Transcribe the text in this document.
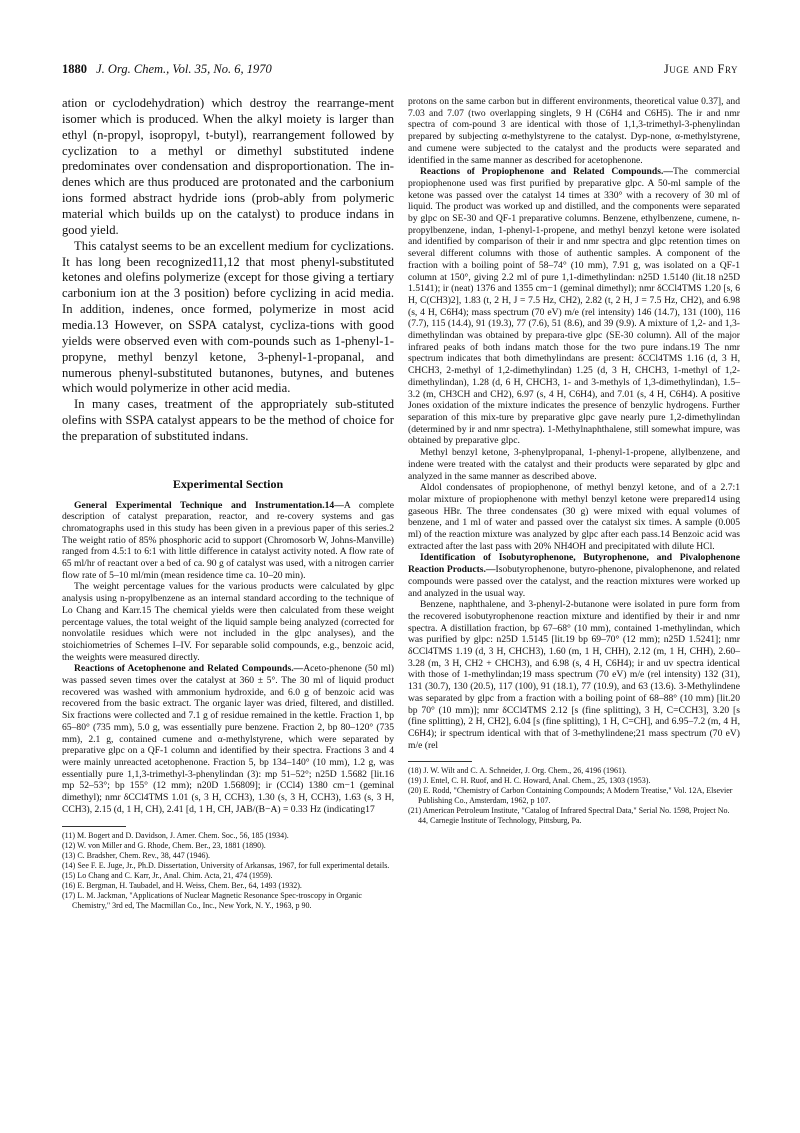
1880 J. Org. Chem., Vol. 35, No. 6, 1970	Juge and Fry

ation or cyclodehydration) which destroy the rearrange-ment isomer which is produced. When the alkyl moiety is larger than ethyl (n-propyl, isopropyl, t-butyl), rearrangement followed by cyclization to a methyl or dimethyl substituted indene predominates over condensation and disproportionation. The in-denes which are thus produced are protonated and the carbonium ions formed abstract hydride ions (prob-ably from polymeric material which builds up on the catalyst) to produce indans in good yield.

This catalyst seems to be an excellent medium for cyclizations. It has long been recognized11,12 that most phenyl-substituted ketones and olefins polymerize (except for those giving a tertiary carbonium ion at the 3 position) before cyclizing in acid media. In addition, indenes, once formed, polymerize in most acid media.13 However, on SSPA catalyst, cycliza-tions with good yields were observed even with com-pounds such as 1-phenyl-1-propyne, methyl benzyl ketone, 3-phenyl-1-propanal, and numerous phenyl-substituted butanones, butynes, and butenes which would polymerize in other acid media.

In many cases, treatment of the appropriately sub-stituted olefins with SSPA catalyst appears to be the method of choice for the preparation of substituted indans.

Experimental Section

General Experimental Technique and Instrumentation.14—A complete description of catalyst preparation, reactor, and re-covery systems and gas chromatographs used in this study has been given in a previous paper of this series.2 The weight ratio of 85% phosphoric acid to support (Chromosorb W, Johns-Manville) ranged from 4.5:1 to 6:1 with little difference in catalyst activity noted. A flow rate of 65 ml/hr of reactant over a bed of ca. 90 g of catalyst was used, with a nitrogen carrier flow rate of 5–10 ml/min (mean residence time ca. 10–20 min).

The weight percentage values for the various products were calculated by glpc analysis using n-propylbenzene as an internal standard according to the technique of Lo Chang and Karr.15 The chemical yields were then calculated from these weight percentage values, the total weight of the liquid sample being analyzed (corrected for nonvolatile residues which were not included in the glpc analyses), and the stoichiometries of Schemes I–IV. For separable solid compounds, e.g., benzoic acid, the weights were measured directly.

Reactions of Acetophenone and Related Compounds.—Aceto-phenone (50 ml) was passed seven times over the catalyst at 360 ± 5°. The 30 ml of liquid product recovered was washed with ammonium hydroxide, and 6.0 g of benzoic acid was recovered from the basic extract. The organic layer was dried, filtered, and distilled. Six fractions were collected and 7.1 g of residue remained in the kettle. Fraction 1, bp 65–80° (735 mm), 5.0 g, was essentially pure benzene. Fraction 2, bp 80–120° (735 mm), 2.1 g, contained cumene and α-methylstyrene, which were separated by preparative glpc on a QF-1 column and identified by their spectra. Fractions 3 and 4 were mainly unreacted acetophenone. Fraction 5, bp 134–140° (10 mm), 1.2 g, was essentially pure 1,1,3-trimethyl-3-phenylindan (3): mp 51–52°; n25D 1.5682 [lit.16 mp 52–53°; bp 155° (12 mm); n20D 1.56809]; ir (CCl4) 1380 cm−1 (geminal dimethyl); nmr δCCl4TMS 1.01 (s, 3 H, CCH3), 1.30 (s, 3 H, CCH3), 1.63 (s, 3 H, CCH3), 2.15 (d, 1 H, CH), 2.41 [d, 1 H, CH, JAB/(B−A) = 0.33 Hz (indicating17

(11) M. Bogert and D. Davidson, J. Amer. Chem. Soc., 56, 185 (1934).

(12) W. von Miller and G. Rhode, Chem. Ber., 23, 1881 (1890).

(13) C. Bradsher, Chem. Rev., 38, 447 (1946).

(14) See F. E. Juge, Jr., Ph.D. Dissertation, University of Arkansas, 1967, for full experimental details.

(15) Lo Chang and C. Karr, Jr., Anal. Chim. Acta, 21, 474 (1959).

(16) E. Bergman, H. Taubadel, and H. Weiss, Chem. Ber., 64, 1493 (1932).

(17) L. M. Jackman, "Applications of Nuclear Magnetic Resonance Spec-troscopy in Organic Chemistry," 3rd ed, The Macmillan Co., Inc., New York, N. Y., 1963, p 90.

protons on the same carbon but in different environments, theoretical value 0.37], and 7.03 and 7.07 (two overlapping singlets, 9 H (C6H4 and C6H5). The ir and nmr spectra of com-pound 3 are identical with those of 1,1,3-trimethyl-3-phenylindan prepared by subjecting α-methylstyrene to the catalyst. Dyp-none, α-methylstyrene, and cumene were subjected to the catalyst and the products were separated and identified in the same manner as described for acetophenone.

Reactions of Propiophenone and Related Compounds.—The commercial propiophenone used was first purified by preparative glpc. A 50-ml sample of the ketone was passed over the catalyst 14 times at 330° with a recovery of 30 ml of liquid. The product was worked up and distilled, and the components were separated by glpc on SE-30 and QF-1 preparative columns. Benzene, ethylbenzene, cumene, n-propylbenzene, indan, 1-phenyl-1-propene, and methyl benzyl ketone were isolated and identified by comparison of their ir and nmr spectra and glpc retention times on several different columns with those of authentic samples. A component of the fraction with a boiling point of 58–74° (10 mm), 7.91 g, was isolated on a QF-1 column at 150°, giving 2.2 ml of pure 1,1-dimethylindan: n25D 1.5140 (lit.18 n25D 1.5141); ir (neat) 1376 and 1355 cm−1 (geminal dimethyl); nmr δCCl4TMS 1.20 [s, 6 H, C(CH3)2], 1.83 (t, 2 H, J = 7.5 Hz, CH2), 2.82 (t, 2 H, J = 7.5 Hz, CH2), and 6.98 (s, 4 H, C6H4); mass spectrum (70 eV) m/e (rel intensity) 146 (14.7), 131 (100), 116 (7.7), 115 (14.4), 91 (19.3), 77 (7.6), 51 (8.6), and 39 (9.9). A mixture of 1,2- and 1,3-dimethylindan was obtained by prepara-tive glpc (SE-30 column). All of the major infrared peaks of both indans match those for the two pure indans.19 The nmr spectrum indicates that both dimethylindans are present: δCCl4TMS 1.16 (d, 3 H, CHCH3, 2-methyl of 1,2-dimethylindan) 1.25 (d, 3 H, CHCH3, 1-methyl of 1,2-dimethylindan), 1.28 (d, 6 H, CHCH3, 1- and 3-methyls of 1,3-dimethylindan), 1.5–3.2 (m, CH3CH and CH2), 6.97 (s, 4 H, C6H4), and 7.01 (s, 4 H, C6H4). A positive Jones oxidation of the mixture indicates the presence of benzylic hydrogens. Further separation of this mix-ture by preparative glpc gave nearly pure 1,2-dimethylindan (determined by ir and nmr spectra). 1-Methylnaphthalene, still somewhat impure, was obtained by preparative glpc.

Methyl benzyl ketone, 3-phenylpropanal, 1-phenyl-1-propene, allylbenzene, and indene were treated with the catalyst and their products were separated by glpc and analyzed in the same manner as described above.

Aldol condensates of propiophenone, of methyl benzyl ketone, and of a 2.7:1 molar mixture of propiophenone with methyl benzyl ketone were prepared14 using gaseous HBr. The three condensates (30 g) were mixed with equal volumes of benzene, and 1 ml of water and passed over the catalyst six times. A sample (0.005 ml) of the reaction mixture was analyzed by glpc after each pass.14 Benzoic acid was extracted after the last pass with 20% NH4OH and precipitated with dilute HCl.

Identification of Isobutyrophenone, Butyrophenone, and Pivalophenone Reaction Products.—Isobutyrophenone, butyro-phenone, pivalophenone, and related compounds were passed over the catalyst, and the reaction mixtures were worked up and analyzed in the usual way.

Benzene, naphthalene, and 3-phenyl-2-butanone were isolated in pure form from the recovered isobutyrophenone reaction mixture and identified by their ir and nmr spectra. A distillation fraction, bp 67–68° (10 mm), contained 1-methylindan, which was purified by glpc: n25D 1.5145 [lit.19 bp 69–70° (12 mm); n25D 1.5241]; nmr δCCl4TMS 1.19 (d, 3 H, CHCH3), 1.60 (m, 1 H, CHH), 2.12 (m, 1 H, CHH), 2.60–3.28 (m, 3 H, CH2 + CHCH3), and 6.98 (s, 4 H, C6H4); ir and uv spectra identical with those of 1-methylindan;19 mass spectrum (70 eV) m/e (rel intensity) 132 (31), 131 (30.7), 130 (20.5), 117 (100), 91 (18.1), 77 (10.9), and 63 (13.6). 3-Methylindene was separated by glpc from a fraction with a boiling point of 68–88° (10 mm) [lit.20 bp 70° (10 mm)]; nmr δCCl4TMS 2.12 [s (fine splitting), 3 H, C=CCH3], 3.20 [s (fine splitting), 2 H, CH2], 6.04 [s (fine splitting), 1 H, C=CH], and 6.95–7.2 (m, 4 H, C6H4); ir spectrum identical with that of 3-methylindene;21 mass spectrum (70 eV) m/e (rel

(18) J. W. Wilt and C. A. Schneider, J. Org. Chem., 26, 4196 (1961).

(19) J. Entel, C. H. Ruof, and H. C. Howard, Anal. Chem., 25, 1303 (1953).

(20) E. Rodd, "Chemistry of Carbon Containing Compounds; A Modern Treatise," Vol. 12A, Elsevier Publishing Co., Amsterdam, 1962, p 107.

(21) American Petroleum Institute, "Catalog of Infrared Spectral Data," Serial No. 1598, Project No. 44, Carnegie Institute of Technology, Pittsburg, Pa.
